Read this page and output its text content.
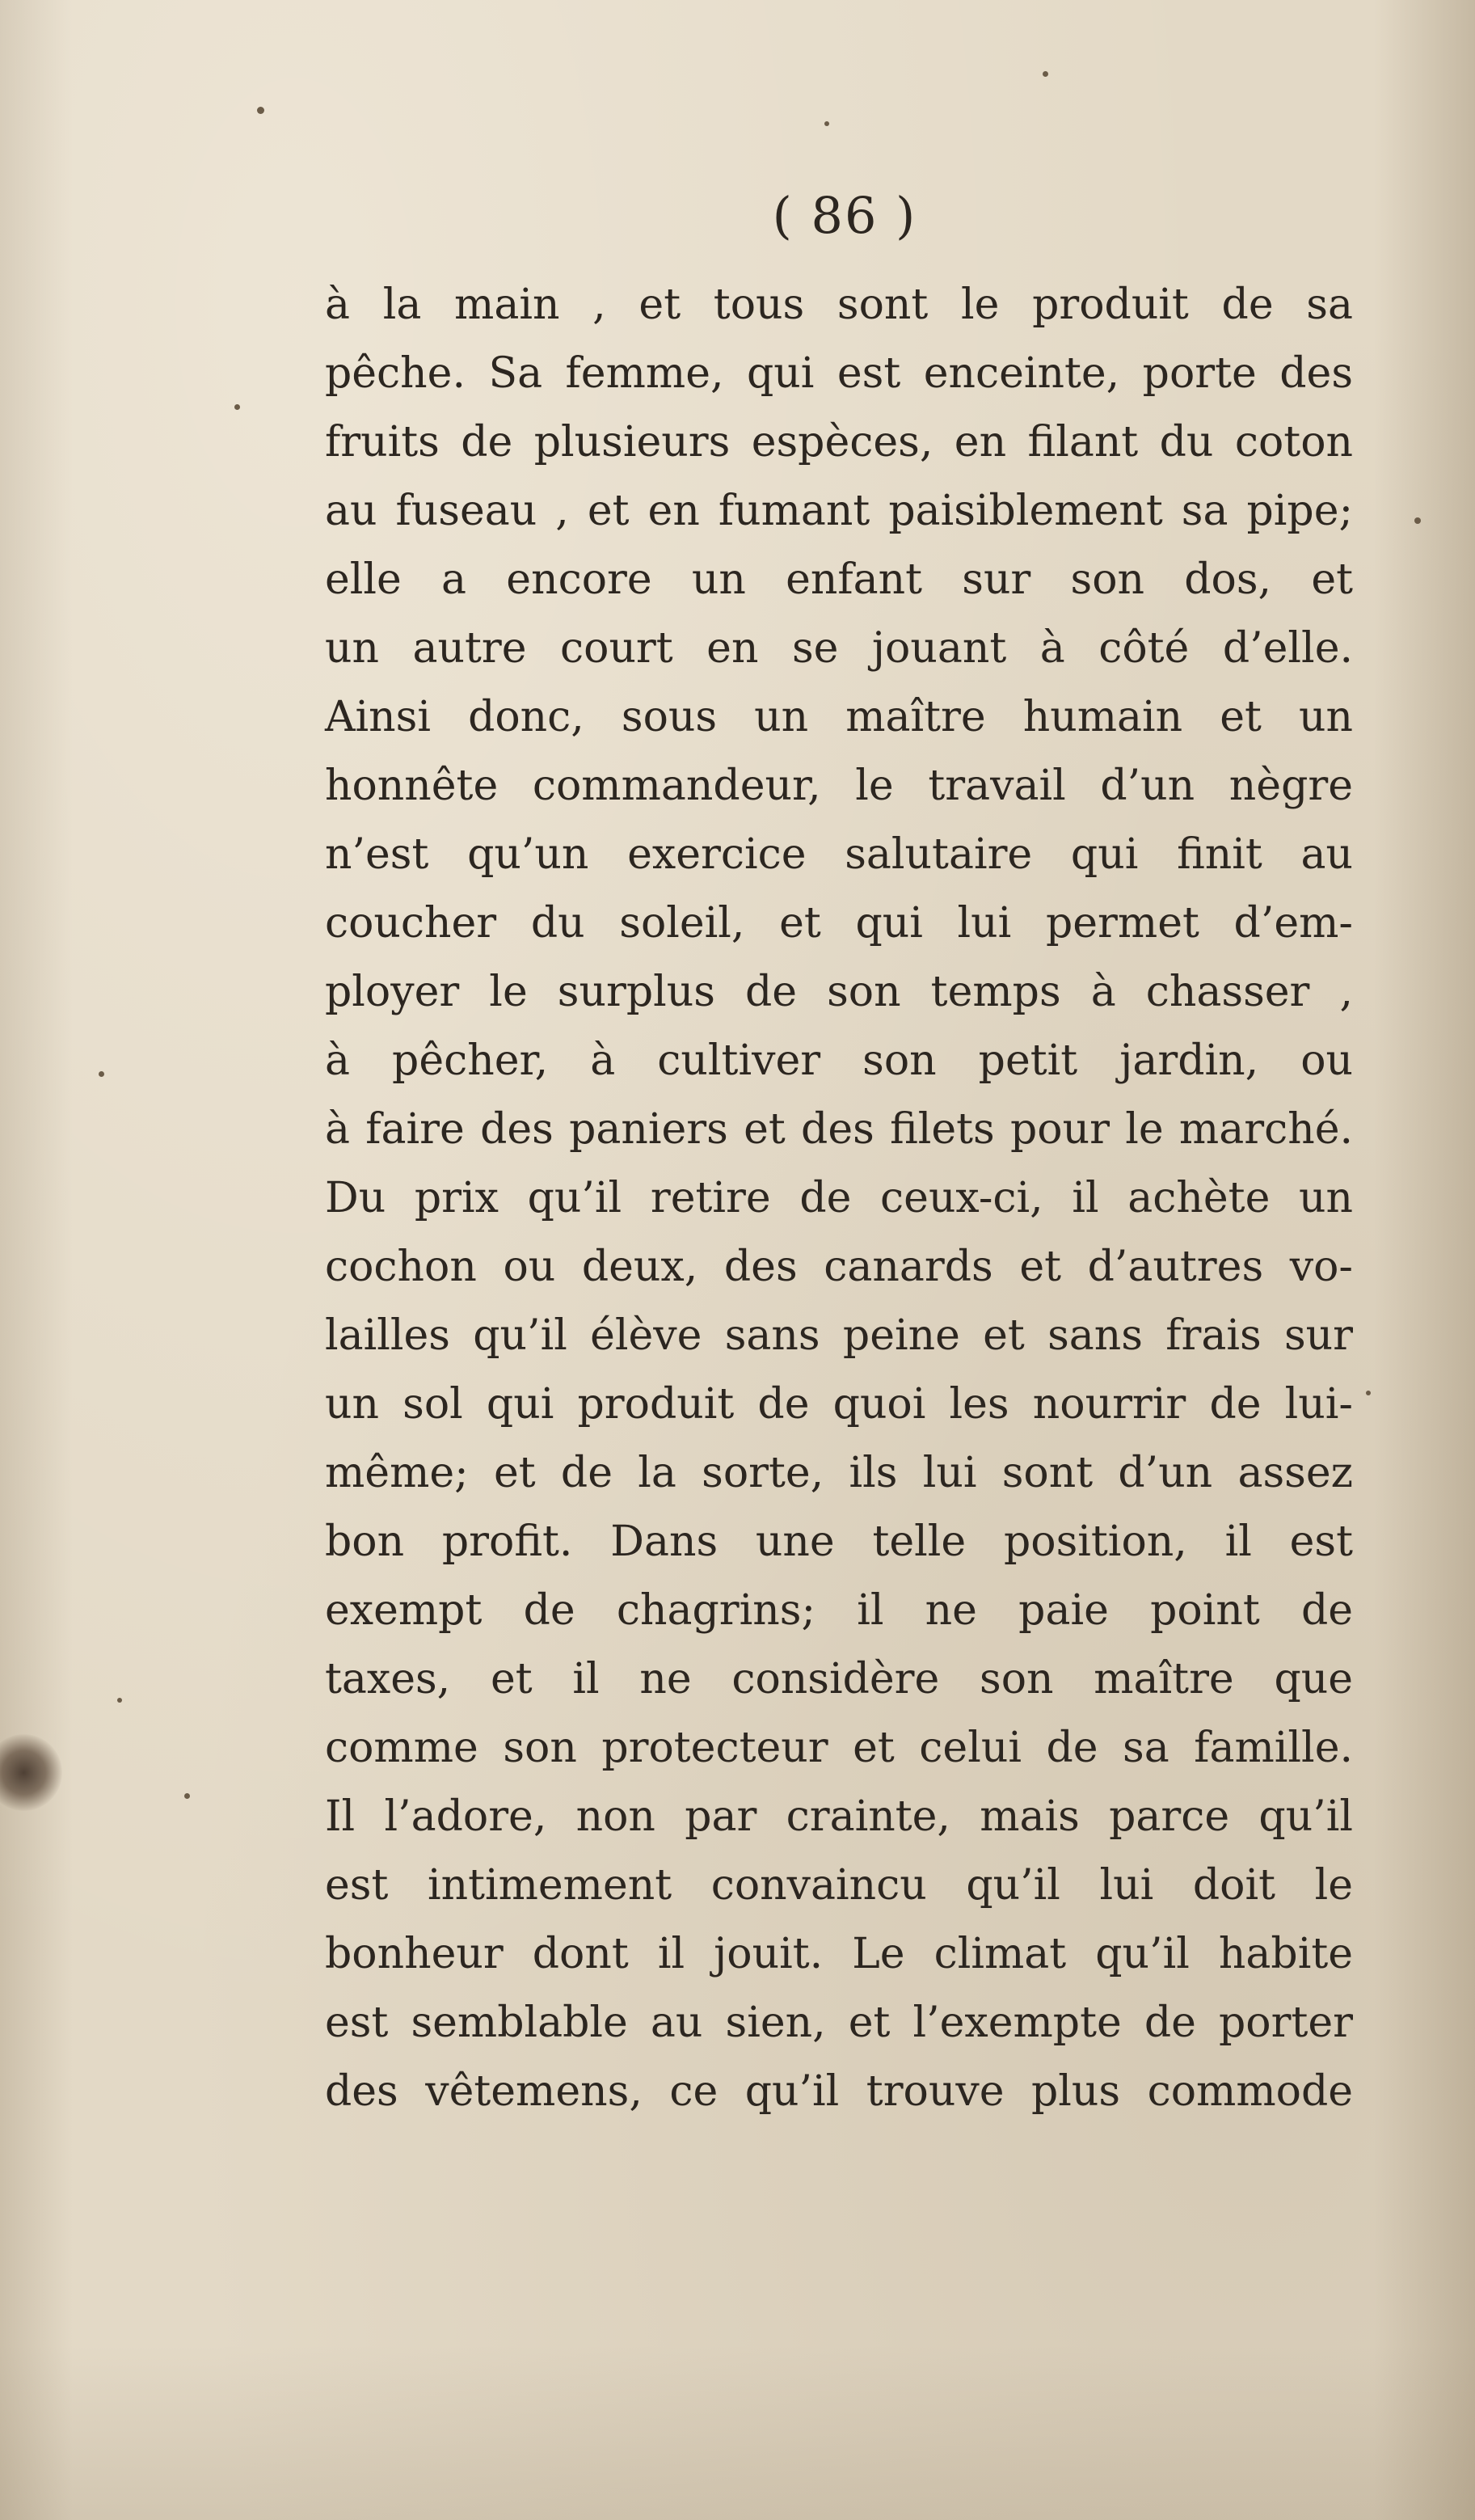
( 86 )
à la main , et tous sont le produit de sa
pêche. Sa femme, qui est enceinte, porte des
fruits de plusieurs espèces, en filant du coton
au fuseau , et en fumant paisiblement sa pipe;
elle a encore un enfant sur son dos, et
un autre court en se jouant à côté d’elle.
Ainsi donc, sous un maître humain et un
honnête commandeur, le travail d’un nègre
n’est qu’un exercice salutaire qui finit au
coucher du soleil, et qui lui permet d’em-
ployer le surplus de son temps à chasser ,
à pêcher, à cultiver son petit jardin, ou
à faire des paniers et des filets pour le marché.
Du prix qu’il retire de ceux-ci, il achète un
cochon ou deux, des canards et d’autres vo-
lailles qu’il élève sans peine et sans frais sur
un sol qui produit de quoi les nourrir de lui-
même; et de la sorte, ils lui sont d’un assez
bon profit. Dans une telle position, il est
exempt de chagrins; il ne paie point de
taxes, et il ne considère son maître que
comme son protecteur et celui de sa famille.
Il l’adore, non par crainte, mais parce qu’il
est intimement convaincu qu’il lui doit le
bonheur dont il jouit. Le climat qu’il habite
est semblable au sien, et l’exempte de porter
des vêtemens, ce qu’il trouve plus commode
